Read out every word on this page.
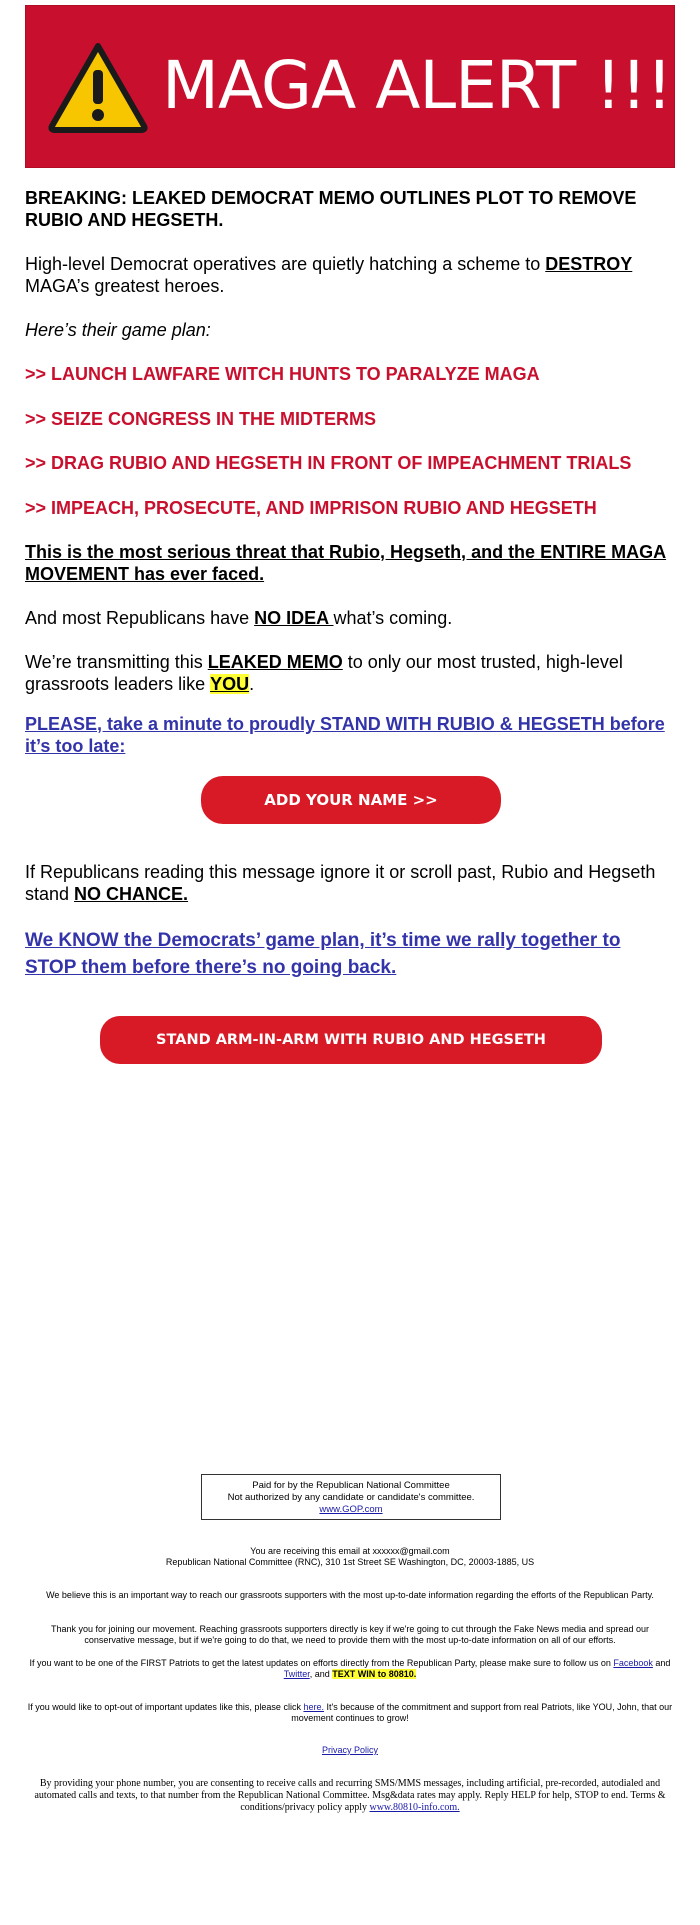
MAGA ALERT !!!
BREAKING: LEAKED DEMOCRAT MEMO OUTLINES PLOT TO REMOVE RUBIO AND HEGSETH.
High-level Democrat operatives are quietly hatching a scheme to DESTROY MAGA’s greatest heroes.
Here’s their game plan:
>> LAUNCH LAWFARE WITCH HUNTS TO PARALYZE MAGA
>> SEIZE CONGRESS IN THE MIDTERMS
>> DRAG RUBIO AND HEGSETH IN FRONT OF IMPEACHMENT TRIALS
>> IMPEACH, PROSECUTE, AND IMPRISON RUBIO AND HEGSETH
This is the most serious threat that Rubio, Hegseth, and the ENTIRE MAGA MOVEMENT has ever faced.
And most Republicans have NO IDEA what’s coming.
We’re transmitting this LEAKED MEMO to only our most trusted, high-level grassroots leaders like YOU.
PLEASE, take a minute to proudly STAND WITH RUBIO & HEGSETH before it’s too late:
ADD YOUR NAME >>
If Republicans reading this message ignore it or scroll past, Rubio and Hegseth stand NO CHANCE.
We KNOW the Democrats’ game plan, it’s time we rally together to STOP them before there’s no going back.
STAND ARM-IN-ARM WITH RUBIO AND HEGSETH
Paid for by the Republican National Committee
Not authorized by any candidate or candidate's committee.
www.GOP.com
You are receiving this email at xxxxxx@gmail.com
Republican National Committee (RNC), 310 1st Street SE Washington, DC, 20003-1885, US
We believe this is an important way to reach our grassroots supporters with the most up-to-date information regarding the efforts of the Republican Party.
Thank you for joining our movement. Reaching grassroots supporters directly is key if we're going to cut through the Fake News media and spread our conservative message, but if we're going to do that, we need to provide them with the most up-to-date information on all of our efforts.
If you want to be one of the FIRST Patriots to get the latest updates on efforts directly from the Republican Party, please make sure to follow us on Facebook and Twitter, and TEXT WIN to 80810.
If you would like to opt-out of important updates like this, please click here. It's because of the commitment and support from real Patriots, like YOU, John, that our movement continues to grow!
Privacy Policy
By providing your phone number, you are consenting to receive calls and recurring SMS/MMS messages, including artificial, pre-recorded, autodialed and automated calls and texts, to that number from the Republican National Committee. Msg&data rates may apply. Reply HELP for help, STOP to end. Terms & conditions/privacy policy apply www.80810-info.com.
